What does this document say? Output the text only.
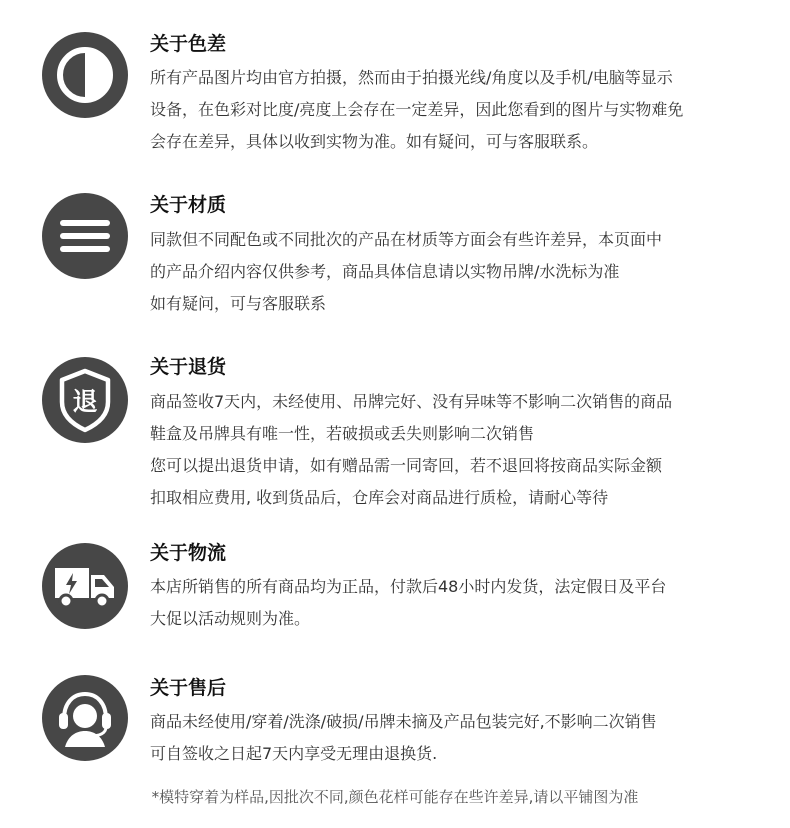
关于色差
所有产品图片均由官方拍摄，然而由于拍摄光线/角度以及手机/电脑等显示
设备，在色彩对比度/亮度上会存在一定差异，因此您看到的图片与实物难免
会存在差异，具体以收到实物为准。如有疑问，可与客服联系。
关于材质
同款但不同配色或不同批次的产品在材质等方面会有些许差异，本页面中
的产品介绍内容仅供参考，商品具体信息请以实物吊牌/水洗标为准
如有疑问，可与客服联系
退
关于退货
商品签收7天内，未经使用、吊牌完好、没有异味等不影响二次销售的商品
鞋盒及吊牌具有唯一性，若破损或丢失则影响二次销售
您可以提出退货申请，如有赠品需一同寄回，若不退回将按商品实际金额
扣取相应费用, 收到货品后，仓库会对商品进行质检，请耐心等待
关于物流
本店所销售的所有商品均为正品，付款后48小时内发货，法定假日及平台
大促以活动规则为准。
关于售后
商品未经使用/穿着/洗涤/破损/吊牌未摘及产品包装完好,不影响二次销售
可自签收之日起7天内享受无理由退换货.
*模特穿着为样品,因批次不同,颜色花样可能存在些许差异,请以平铺图为准
